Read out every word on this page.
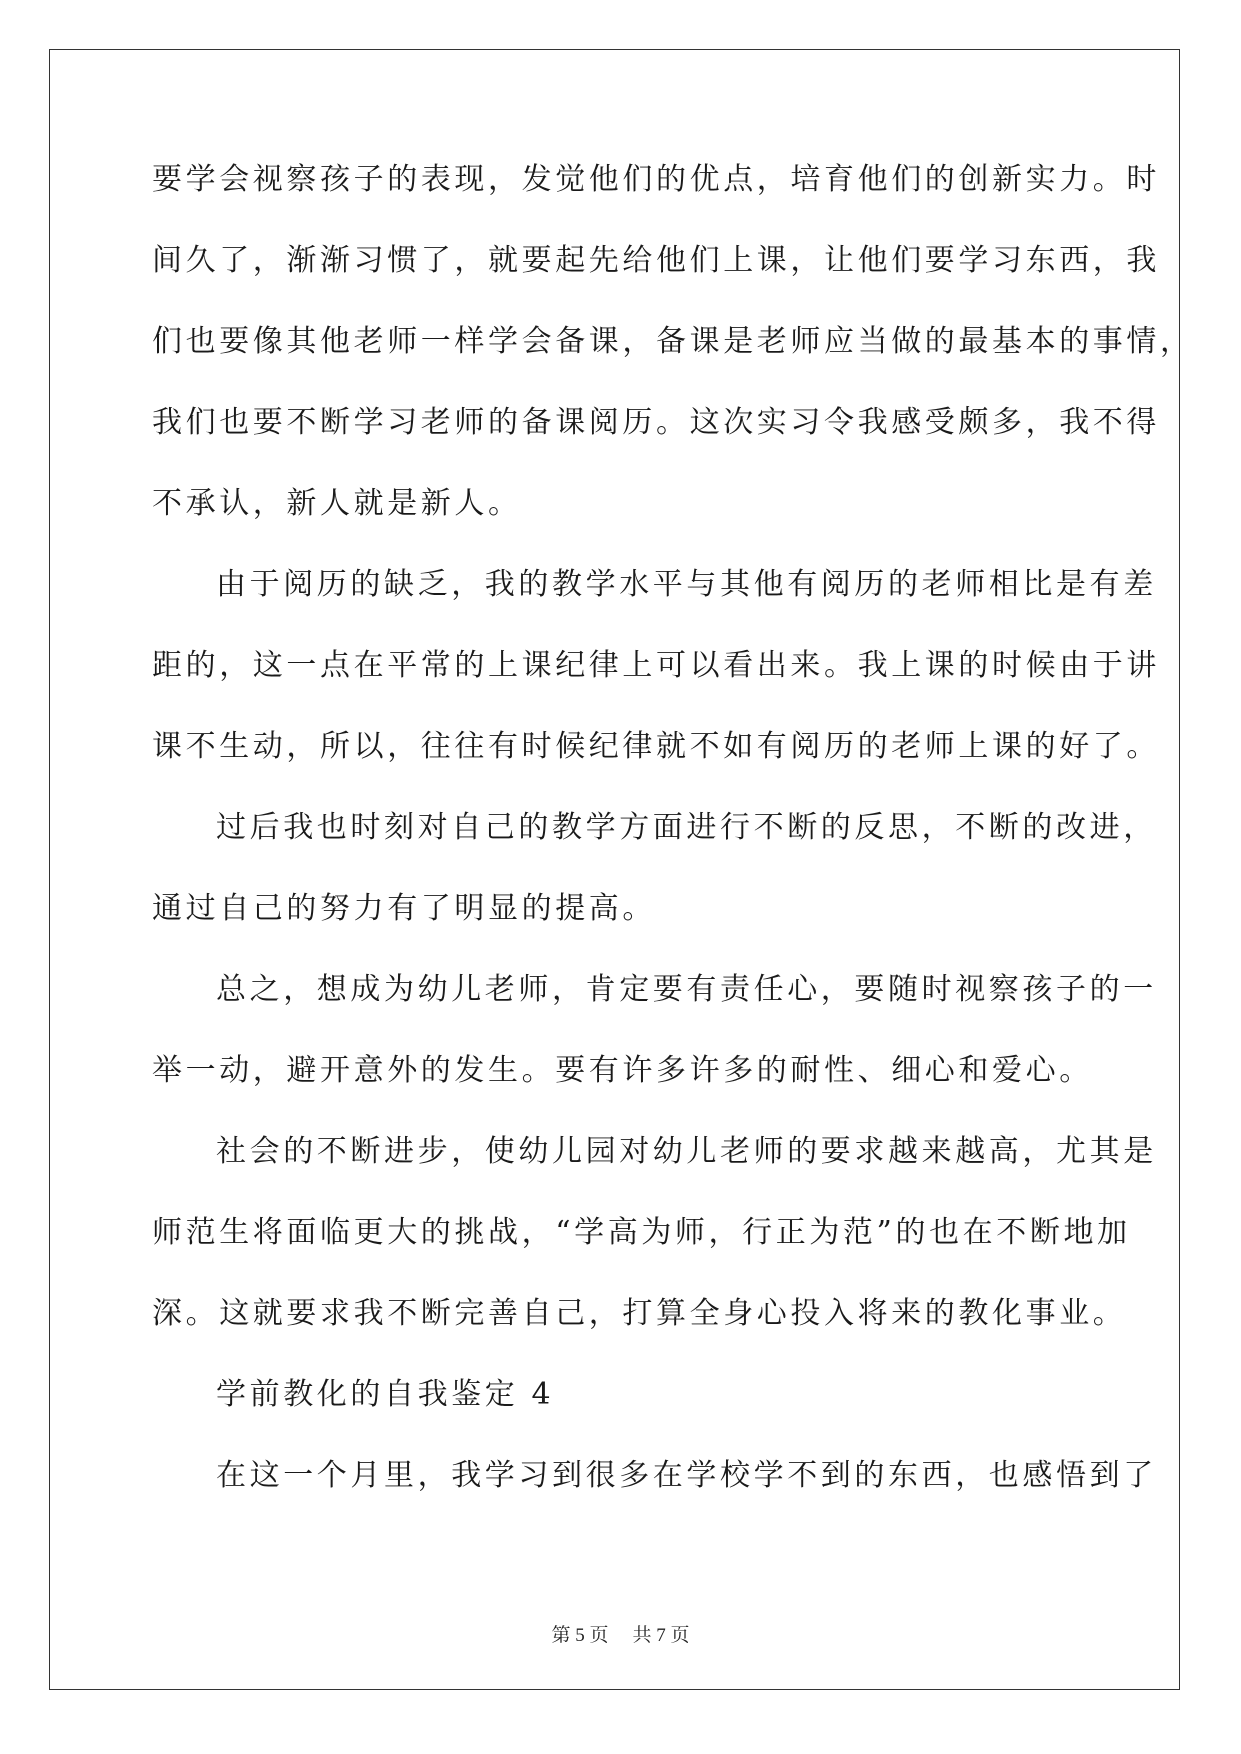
要学会视察孩子的表现，发觉他们的优点，培育他们的创新实力。时
间久了，渐渐习惯了，就要起先给他们上课，让他们要学习东西，我
们也要像其他老师一样学会备课，备课是老师应当做的最基本的事情，
我们也要不断学习老师的备课阅历。这次实习令我感受颇多，我不得
不承认，新人就是新人。
由于阅历的缺乏，我的教学水平与其他有阅历的老师相比是有差
距的，这一点在平常的上课纪律上可以看出来。我上课的时候由于讲
课不生动，所以，往往有时候纪律就不如有阅历的老师上课的好了。
过后我也时刻对自己的教学方面进行不断的反思，不断的改进，
通过自己的努力有了明显的提高。
总之，想成为幼儿老师，肯定要有责任心，要随时视察孩子的一
举一动，避开意外的发生。要有许多许多的耐性、细心和爱心。
社会的不断进步，使幼儿园对幼儿老师的要求越来越高，尤其是
师范生将面临更大的挑战，“学高为师，行正为范”的也在不断地加
深。这就要求我不断完善自己，打算全身心投入将来的教化事业。
学前教化的自我鉴定 4
在这一个月里，我学习到很多在学校学不到的东西，也感悟到了
第 5 页 共 7 页
